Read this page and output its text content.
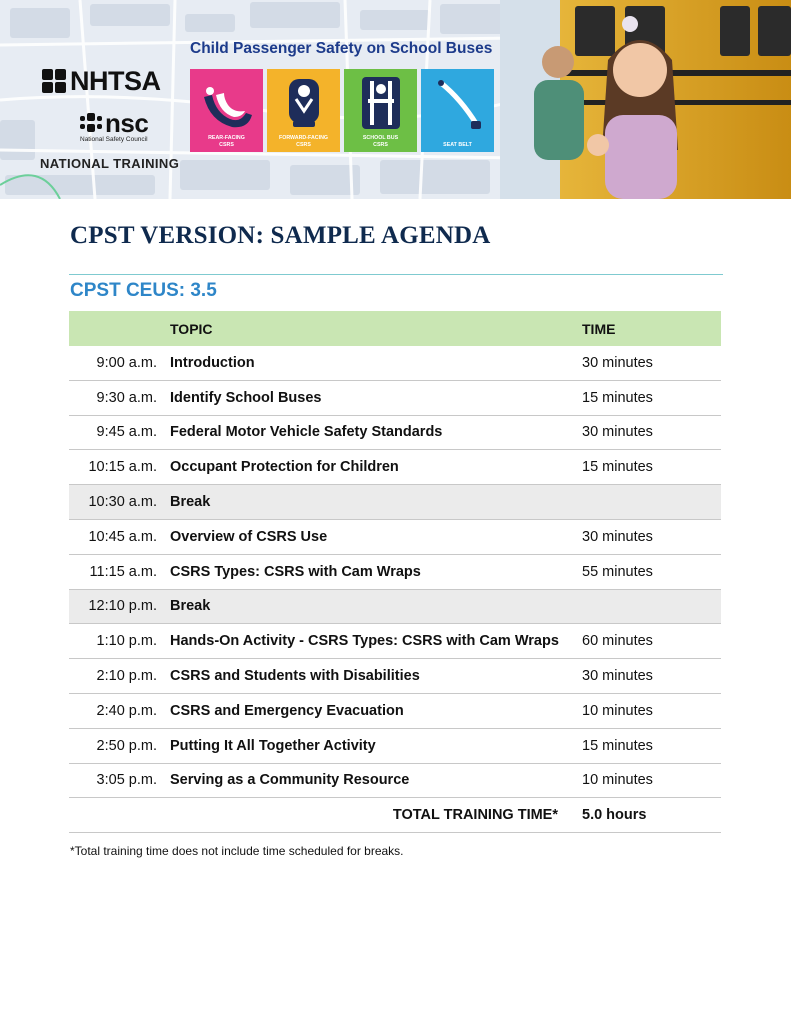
NHTSA
nsc
National Safety Council
NATIONAL TRAINING
Child Passenger Safety on School Buses
REAR-FACING
CSRS
FORWARD-FACING
CSRS
SCHOOL BUS
CSRS	SEAT BELT
CPST VERSION: SAMPLE AGENDA
CPST CEUS: 3.5
	TOPIC	TIME
9:00 a.m.	Introduction	30 minutes
9:30 a.m.	Identify School Buses	15 minutes
9:45 a.m.	Federal Motor Vehicle Safety Standards	30 minutes
10:15 a.m.	Occupant Protection for Children	15 minutes
10:30 a.m.	Break	
10:45 a.m.	Overview of CSRS Use	30 minutes
11:15 a.m.	CSRS Types: CSRS with Cam Wraps	55 minutes
12:10 p.m.	Break	
1:10 p.m.	Hands-On Activity - CSRS Types: CSRS with Cam Wraps	60 minutes
2:10 p.m.	CSRS and Students with Disabilities	30 minutes
2:40 p.m.	CSRS and Emergency Evacuation	10 minutes
2:50 p.m.	Putting It All Together Activity	15 minutes
3:05 p.m.	Serving as a Community Resource	10 minutes
TOTAL TRAINING TIME*		5.0 hours
*Total training time does not include time scheduled for breaks.
